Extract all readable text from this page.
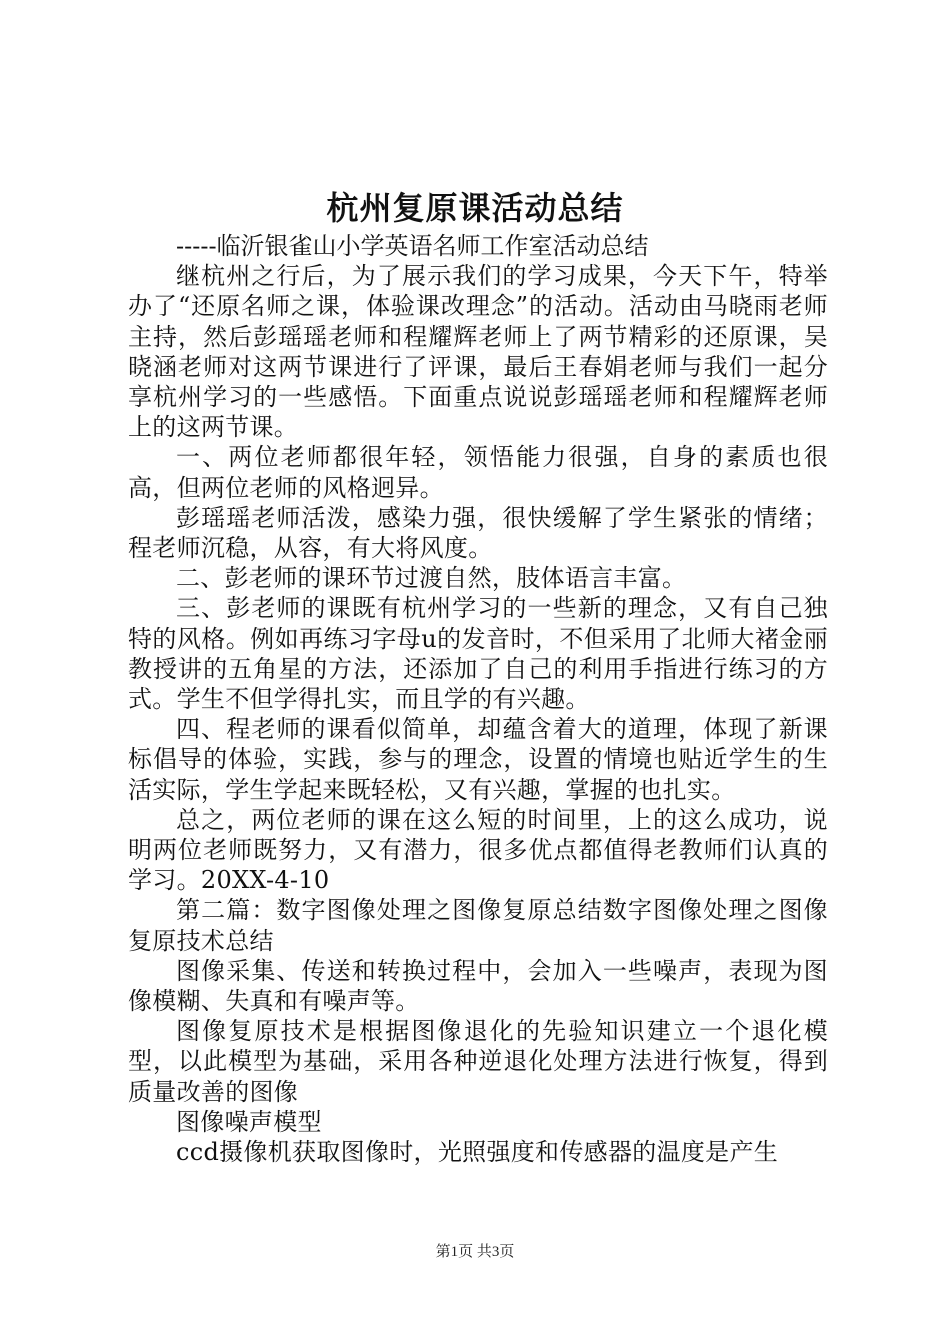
杭州复原课活动总结

-----临沂银雀山小学英语名师工作室活动总结

继杭州之行后，为了展示我们的学习成果，今天下午，特举办了“还原名师之课，体验课改理念”的活动。活动由马晓雨老师主持，然后彭瑶瑶老师和程耀辉老师上了两节精彩的还原课，吴晓涵老师对这两节课进行了评课，最后王春娟老师与我们一起分享杭州学习的一些感悟。下面重点说说彭瑶瑶老师和程耀辉老师上的这两节课。

一、两位老师都很年轻，领悟能力很强，自身的素质也很高，但两位老师的风格迥异。

彭瑶瑶老师活泼，感染力强，很快缓解了学生紧张的情绪；程老师沉稳，从容，有大将风度。

二、彭老师的课环节过渡自然，肢体语言丰富。

三、彭老师的课既有杭州学习的一些新的理念，又有自己独特的风格。例如再练习字母u的发音时，不但采用了北师大褚金丽教授讲的五角星的方法，还添加了自己的利用手指进行练习的方式。学生不但学得扎实，而且学的有兴趣。

四、程老师的课看似简单，却蕴含着大的道理，体现了新课标倡导的体验，实践，参与的理念，设置的情境也贴近学生的生活实际，学生学起来既轻松，又有兴趣，掌握的也扎实。

总之，两位老师的课在这么短的时间里，上的这么成功，说明两位老师既努力，又有潜力，很多优点都值得老教师们认真的学习。20XX-4-10

第二篇：数字图像处理之图像复原总结数字图像处理之图像复原技术总结

图像采集、传送和转换过程中，会加入一些噪声，表现为图像模糊、失真和有噪声等。

图像复原技术是根据图像退化的先验知识建立一个退化模型，以此模型为基础，采用各种逆退化处理方法进行恢复，得到质量改善的图像

图像噪声模型

ccd摄像机获取图像时，光照强度和传感器的温度是产生

第1页 共3页
